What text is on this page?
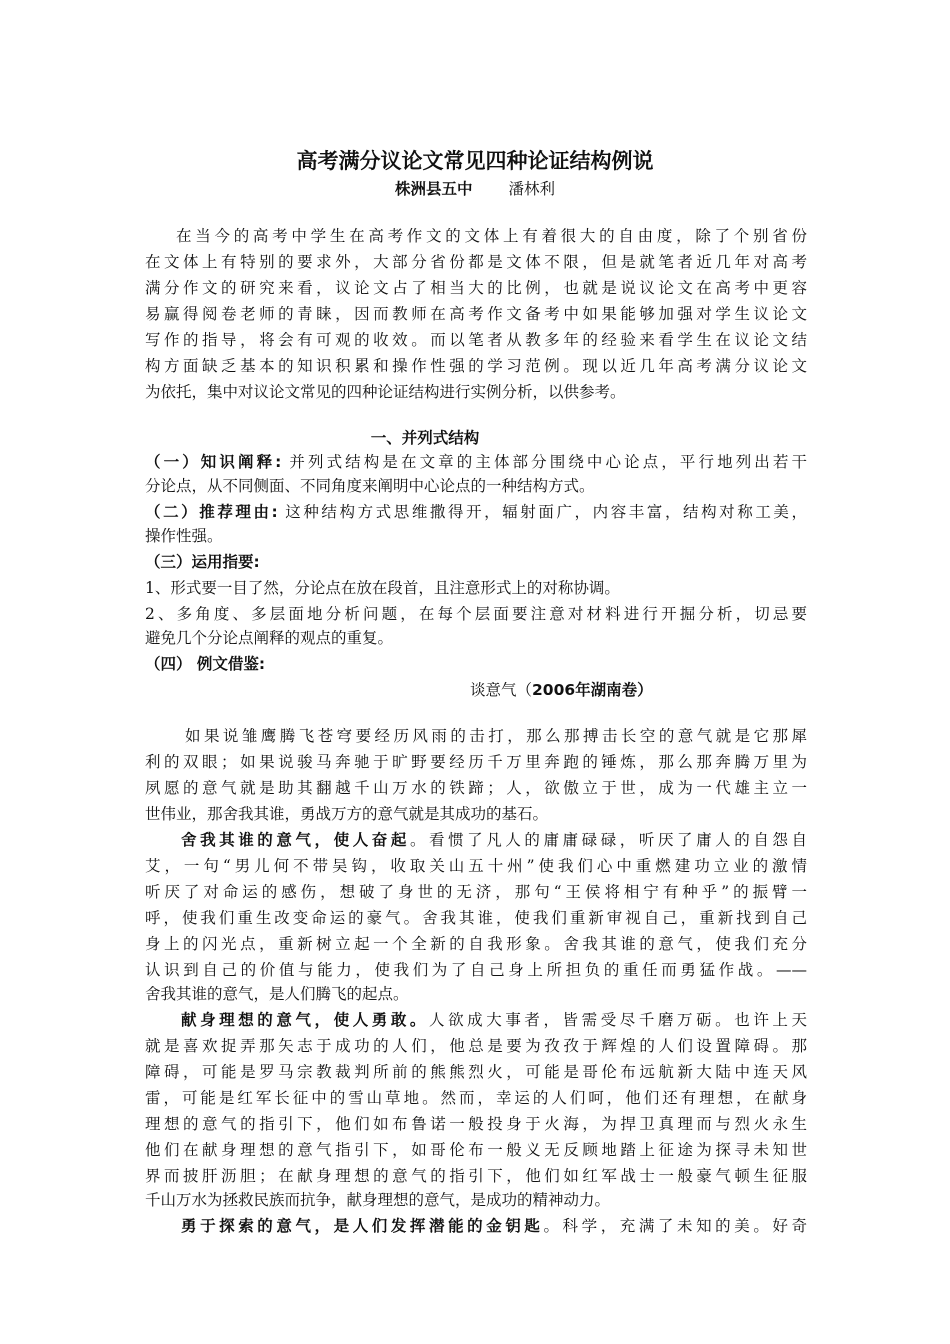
高考满分议论文常见四种论证结构例说
株洲县五中 潘林利
在当今的高考中学生在高考作文的文体上有着很大的自由度，除了个别省份
在文体上有特别的要求外，大部分省份都是文体不限，但是就笔者近几年对高考
满分作文的研究来看，议论文占了相当大的比例，也就是说议论文在高考中更容
易赢得阅卷老师的青睐，因而教师在高考作文备考中如果能够加强对学生议论文
写作的指导，将会有可观的收效。而以笔者从教多年的经验来看学生在议论文结
构方面缺乏基本的知识积累和操作性强的学习范例。现以近几年高考满分议论文
为依托，集中对议论文常见的四种论证结构进行实例分析，以供参考。
一、并列式结构
（一）知识阐释: 并列式结构是在文章的主体部分围绕中心论点，平行地列出若干
分论点，从不同侧面、不同角度来阐明中心论点的一种结构方式。
（二）推荐理由: 这种结构方式思维撒得开，辐射面广，内容丰富，结构对称工美，
操作性强。
（三）运用指要:
1、形式要一目了然，分论点在放在段首，且注意形式上的对称协调。
2、多角度、多层面地分析问题，在每个层面要注意对材料进行开掘分析，切忌要
避免几个分论点阐释的观点的重复。
（四） 例文借鉴:
谈意气（2006年湖南卷）
如果说雏鹰腾飞苍穹要经历风雨的击打，那么那搏击长空的意气就是它那犀
利的双眼；如果说骏马奔驰于旷野要经历千万里奔跑的锤炼，那么那奔腾万里为
夙愿的意气就是助其翻越千山万水的铁蹄；人，欲傲立于世，成为一代雄主立一
世伟业，那舍我其谁，勇战万方的意气就是其成功的基石。
舍我其谁的意气，使人奋起。看惯了凡人的庸庸碌碌，听厌了庸人的自怨自
艾，一句“男儿何不带吴钩，收取关山五十州”使我们心中重燃建功立业的激情
听厌了对命运的感伤，想破了身世的无济，那句“王侯将相宁有种乎”的振臂一
呼，使我们重生改变命运的豪气。舍我其谁，使我们重新审视自己，重新找到自己
身上的闪光点，重新树立起一个全新的自我形象。舍我其谁的意气，使我们充分
认识到自己的价值与能力，使我们为了自己身上所担负的重任而勇猛作战。——
舍我其谁的意气，是人们腾飞的起点。
献身理想的意气，使人勇敢。人欲成大事者，皆需受尽千磨万砺。也许上天
就是喜欢捉弄那矢志于成功的人们，他总是要为孜孜于辉煌的人们设置障碍。那
障碍，可能是罗马宗教裁判所前的熊熊烈火，可能是哥伦布远航新大陆中连天风
雷，可能是红军长征中的雪山草地。然而，幸运的人们呵，他们还有理想，在献身
理想的意气的指引下，他们如布鲁诺一般投身于火海，为捍卫真理而与烈火永生
他们在献身理想的意气指引下，如哥伦布一般义无反顾地踏上征途为探寻未知世
界而披肝沥胆；在献身理想的意气的指引下，他们如红军战士一般豪气顿生征服
千山万水为拯救民族而抗争，献身理想的意气，是成功的精神动力。
勇于探索的意气，是人们发挥潜能的金钥匙。科学，充满了未知的美。好奇
